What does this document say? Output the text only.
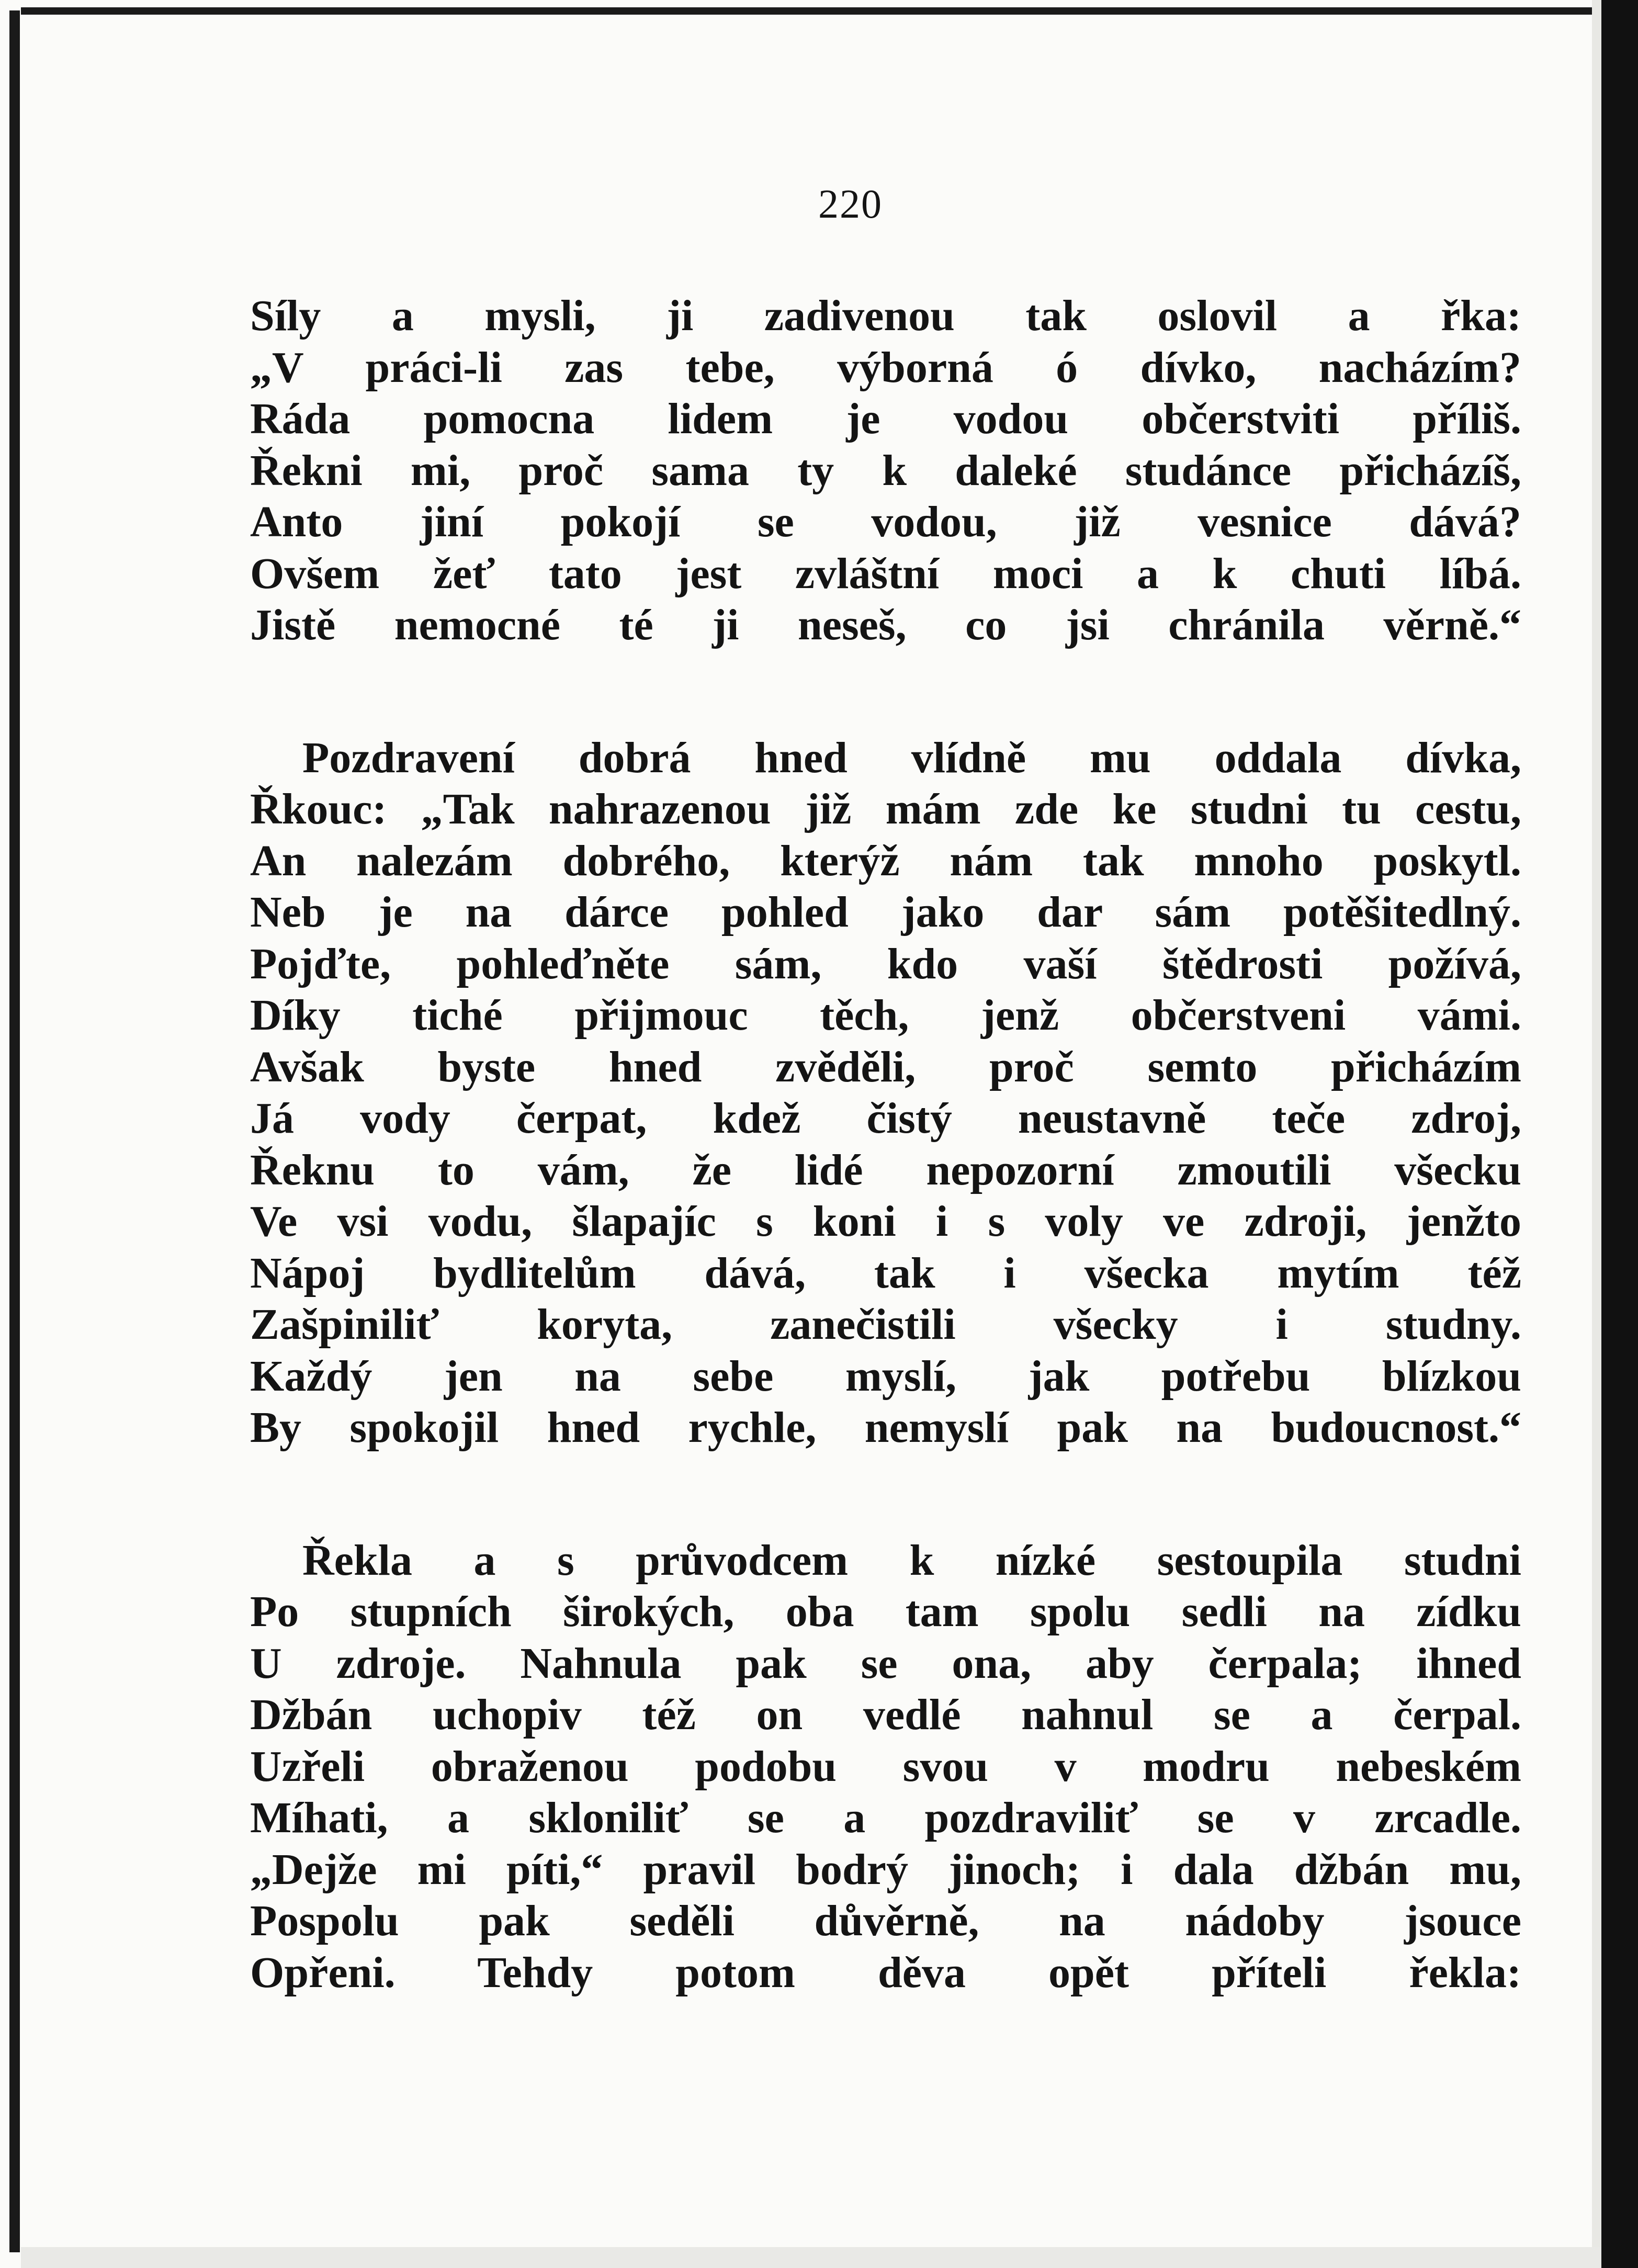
220
Síly a mysli, ji zadivenou tak oslovil a řka:
„V práci-li zas tebe, výborná ó dívko, nacházím?
Ráda pomocna lidem je vodou občerstviti příliš.
Řekni mi, proč sama ty k daleké studánce přicházíš,
Anto jiní pokojí se vodou, již vesnice dává?
Ovšem žeť tato jest zvláštní moci a k chuti líbá.
Jistě nemocné té ji neseš, co jsi chránila věrně.“
Pozdravení dobrá hned vlídně mu oddala dívka,
Řkouc: „Tak nahrazenou již mám zde ke studni tu cestu,
An nalezám dobrého, kterýž nám tak mnoho poskytl.
Neb je na dárce pohled jako dar sám potěšitedlný.
Pojďte, pohleďněte sám, kdo vaší štědrosti požívá,
Díky tiché přijmouc těch, jenž občerstveni vámi.
Avšak byste hned zvěděli, proč semto přicházím
Já vody čerpat, kdež čistý neustavně teče zdroj,
Řeknu to vám, že lidé nepozorní zmoutili všecku
Ve vsi vodu, šlapajíc s koni i s voly ve zdroji, jenžto
Nápoj bydlitelům dává, tak i všecka mytím též
Zašpiniliť koryta, zanečistili všecky i studny.
Každý jen na sebe myslí, jak potřebu blízkou
By spokojil hned rychle, nemyslí pak na budoucnost.“
Řekla a s průvodcem k nízké sestoupila studni
Po stupních širokých, oba tam spolu sedli na zídku
U zdroje. Nahnula pak se ona, aby čerpala; ihned
Džbán uchopiv též on vedlé nahnul se a čerpal.
Uzřeli obraženou podobu svou v modru nebeském
Míhati, a skloniliť se a pozdraviliť se v zrcadle.
„Dejže mi píti,“ pravil bodrý jinoch; i dala džbán mu,
Pospolu pak seděli důvěrně, na nádoby jsouce
Opřeni. Tehdy potom děva opět příteli řekla:
